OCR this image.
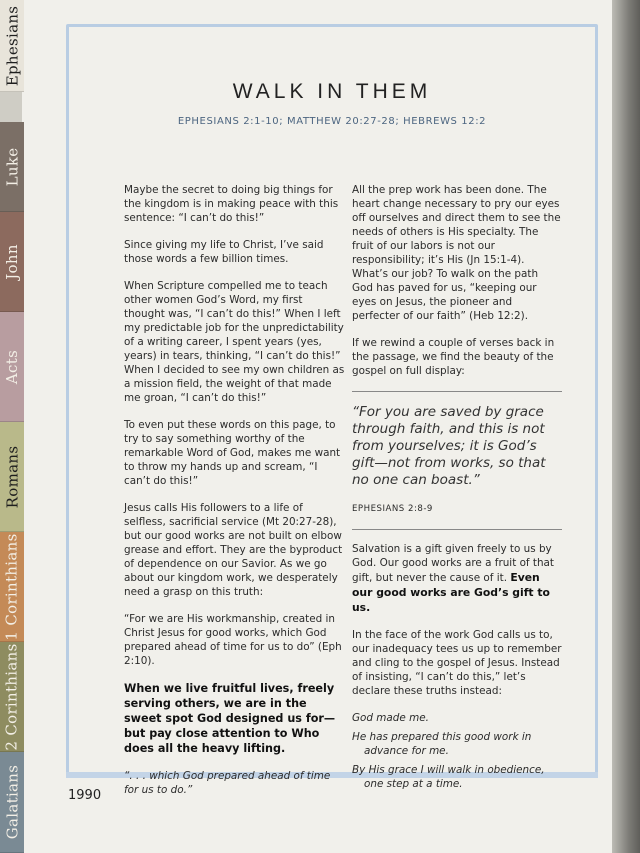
Ephesians
Luke
John
Acts
Romans
1 Corinthians
2 Corinthians
Galatians
WALK IN THEM
EPHESIANS 2:1-10; MATTHEW 20:27-28; HEBREWS 12:2

Maybe the secret to doing big things for the kingdom is in making peace with this sentence: “I can’t do this!”

Since giving my life to Christ, I’ve said those words a few billion times.

When Scripture compelled me to teach other women God’s Word, my first thought was, “I can’t do this!” When I left my predictable job for the unpredictability of a writing career, I spent years (yes, years) in tears, thinking, “I can’t do this!” When I decided to see my own children as a mission field, the weight of that made me groan, “I can’t do this!”

To even put these words on this page, to try to say something worthy of the remarkable Word of God, makes me want to throw my hands up and scream, “I can’t do this!”

Jesus calls His followers to a life of selfless, sacrificial service (Mt 20:27-28), but our good works are not built on elbow grease and effort. They are the byproduct of dependence on our Savior. As we go about our kingdom work, we desperately need a grasp on this truth:

“For we are His workmanship, created in Christ Jesus for good works, which God prepared ahead of time for us to do” (Eph 2:10).

When we live fruitful lives, freely serving others, we are in the sweet spot God designed us for—but pay close attention to Who does all the heavy lifting.

“. . . which God prepared ahead of time for us to do.”

All the prep work has been done. The heart change necessary to pry our eyes off ourselves and direct them to see the needs of others is His specialty. The fruit of our labors is not our responsibility; it’s His (Jn 15:1-4). What’s our job? To walk on the path God has paved for us, “keeping our eyes on Jesus, the pioneer and perfecter of our faith” (Heb 12:2).

If we rewind a couple of verses back in the passage, we find the beauty of the gospel on full display:

“For you are saved by grace through faith, and this is not from yourselves; it is God’s gift—not from works, so that no one can boast.”

EPHESIANS 2:8-9

Salvation is a gift given freely to us by God. Our good works are a fruit of that gift, but never the cause of it. Even our good works are God’s gift to us.

In the face of the work God calls us to, our inadequacy tees us up to remember and cling to the gospel of Jesus. Instead of insisting, “I can’t do this,” let’s declare these truths instead:

God made me.

He has prepared this good work in advance for me.

By His grace I will walk in obedience, one step at a time.

1990
